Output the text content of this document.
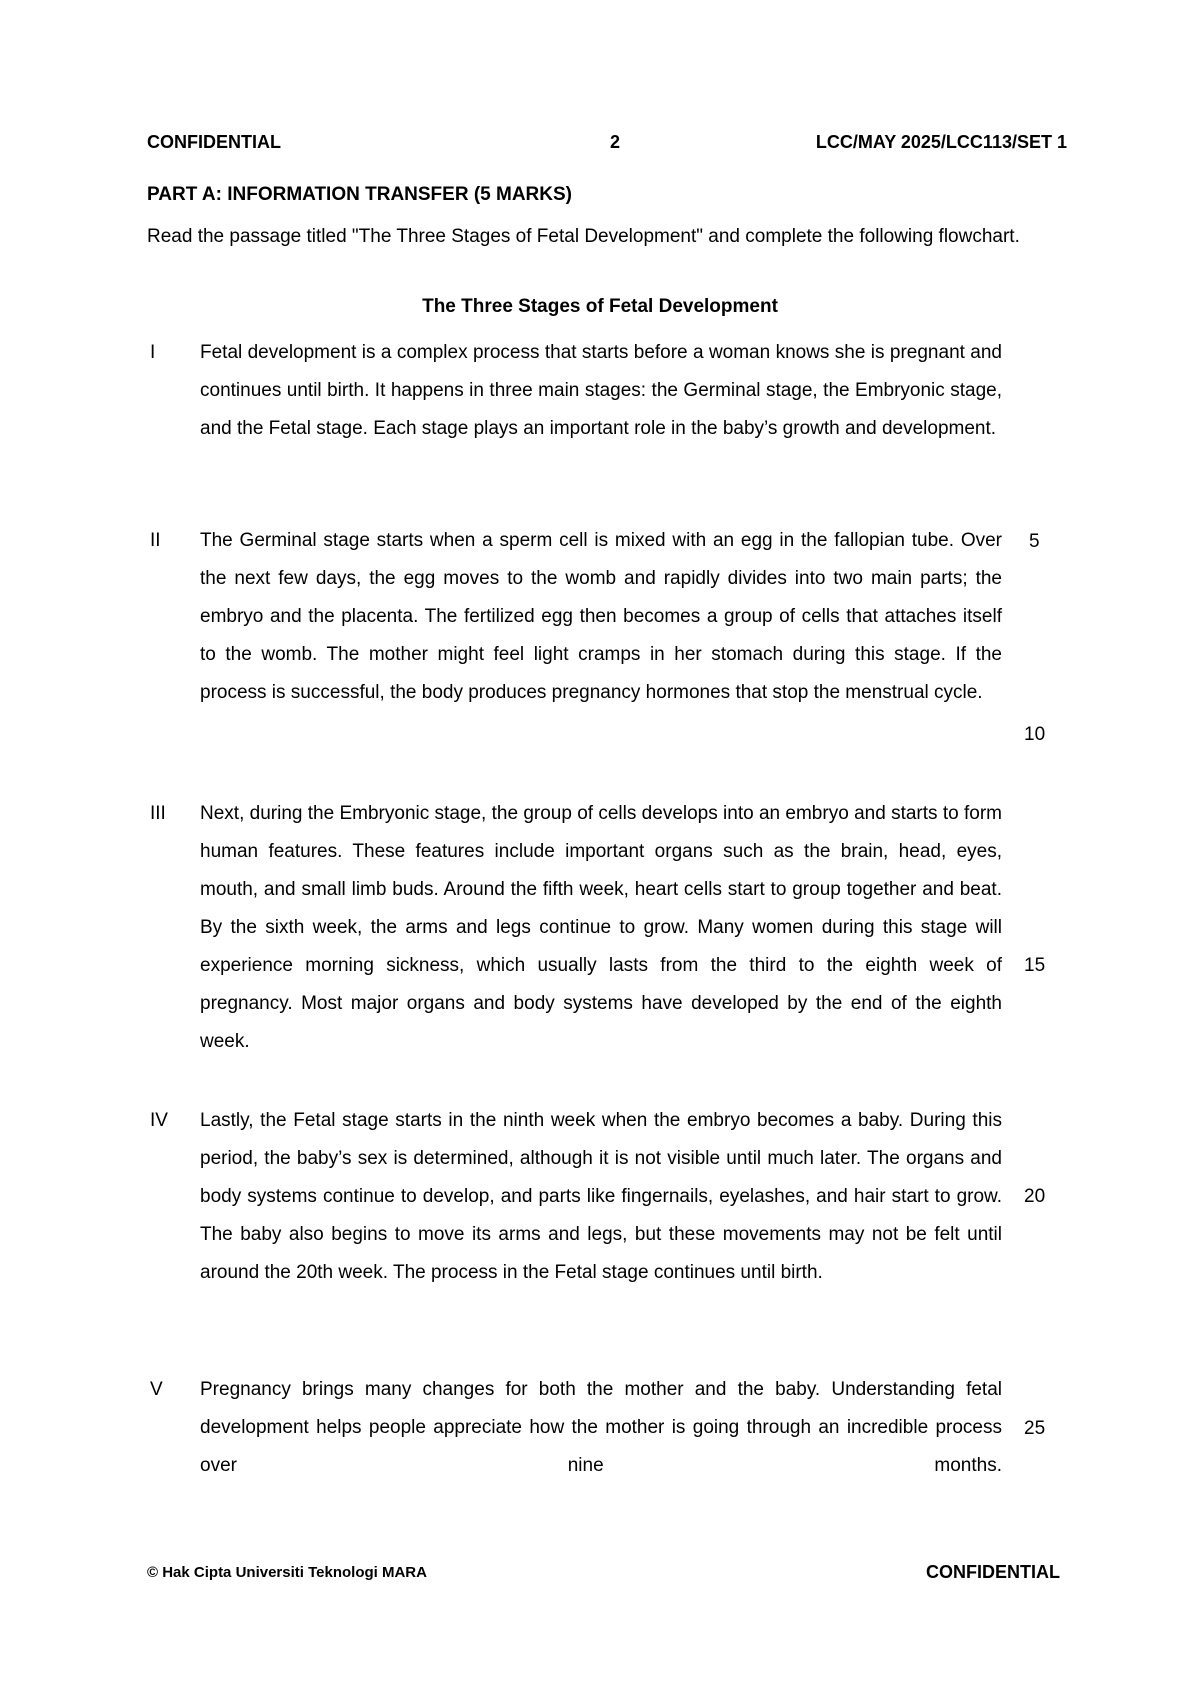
CONFIDENTIAL	2	LCC/MAY 2025/LCC113/SET 1
PART A: INFORMATION TRANSFER (5 MARKS)
Read the passage titled "The Three Stages of Fetal Development" and complete the following flowchart.
The Three Stages of Fetal Development
I	Fetal development is a complex process that starts before a woman knows she is pregnant and continues until birth. It happens in three main stages: the Germinal stage, the Embryonic stage, and the Fetal stage. Each stage plays an important role in the baby’s growth and development.
II	The Germinal stage starts when a sperm cell is mixed with an egg in the fallopian tube. Over the next few days, the egg moves to the womb and rapidly divides into two main parts; the embryo and the placenta. The fertilized egg then becomes a group of cells that attaches itself to the womb. The mother might feel light cramps in her stomach during this stage. If the process is successful, the body produces pregnancy hormones that stop the menstrual cycle.
III	Next, during the Embryonic stage, the group of cells develops into an embryo and starts to form human features. These features include important organs such as the brain, head, eyes, mouth, and small limb buds. Around the fifth week, heart cells start to group together and beat. By the sixth week, the arms and legs continue to grow. Many women during this stage will experience morning sickness, which usually lasts from the third to the eighth week of pregnancy. Most major organs and body systems have developed by the end of the eighth week.
IV	Lastly, the Fetal stage starts in the ninth week when the embryo becomes a baby. During this period, the baby’s sex is determined, although it is not visible until much later. The organs and body systems continue to develop, and parts like fingernails, eyelashes, and hair start to grow. The baby also begins to move its arms and legs, but these movements may not be felt until around the 20th week. The process in the Fetal stage continues until birth.
V	Pregnancy brings many changes for both the mother and the baby. Understanding fetal development helps people appreciate how the mother is going through an incredible process over nine months.
5
10
15
20
25
© Hak Cipta Universiti Teknologi MARA	CONFIDENTIAL
